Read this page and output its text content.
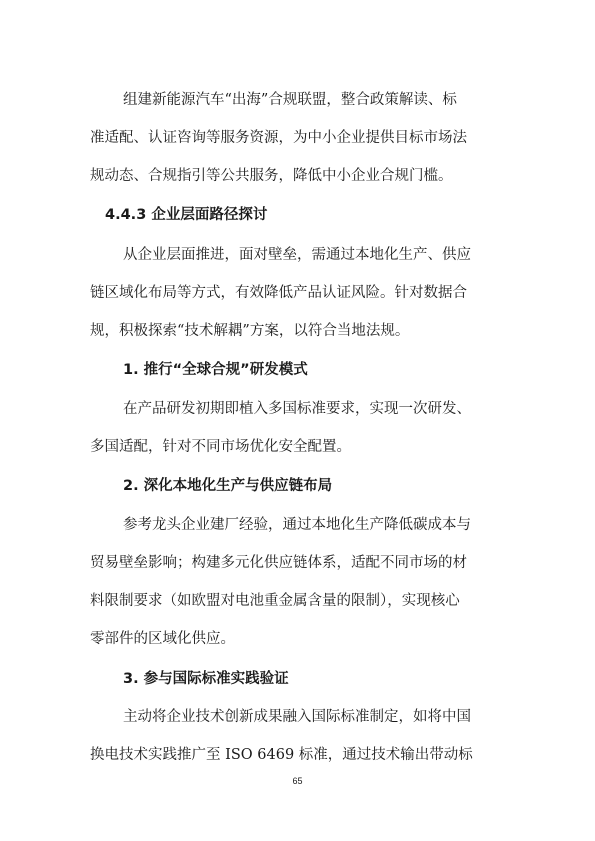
组建新能源汽车“出海”合规联盟，整合政策解读、标
准适配、认证咨询等服务资源，为中小企业提供目标市场法
规动态、合规指引等公共服务，降低中小企业合规门槛。
4.4.3 企业层面路径探讨
从企业层面推进，面对壁垒，需通过本地化生产、供应
链区域化布局等方式，有效降低产品认证风险。针对数据合
规，积极探索“技术解耦”方案，以符合当地法规。
1. 推行“全球合规”研发模式
在产品研发初期即植入多国标准要求，实现一次研发、
多国适配，针对不同市场优化安全配置。
2. 深化本地化生产与供应链布局
参考龙头企业建厂经验，通过本地化生产降低碳成本与
贸易壁垒影响；构建多元化供应链体系，适配不同市场的材
料限制要求（如欧盟对电池重金属含量的限制），实现核心
零部件的区域化供应。
3. 参与国际标准实践验证
主动将企业技术创新成果融入国际标准制定，如将中国
换电技术实践推广至 ISO 6469 标准，通过技术输出带动标
65
